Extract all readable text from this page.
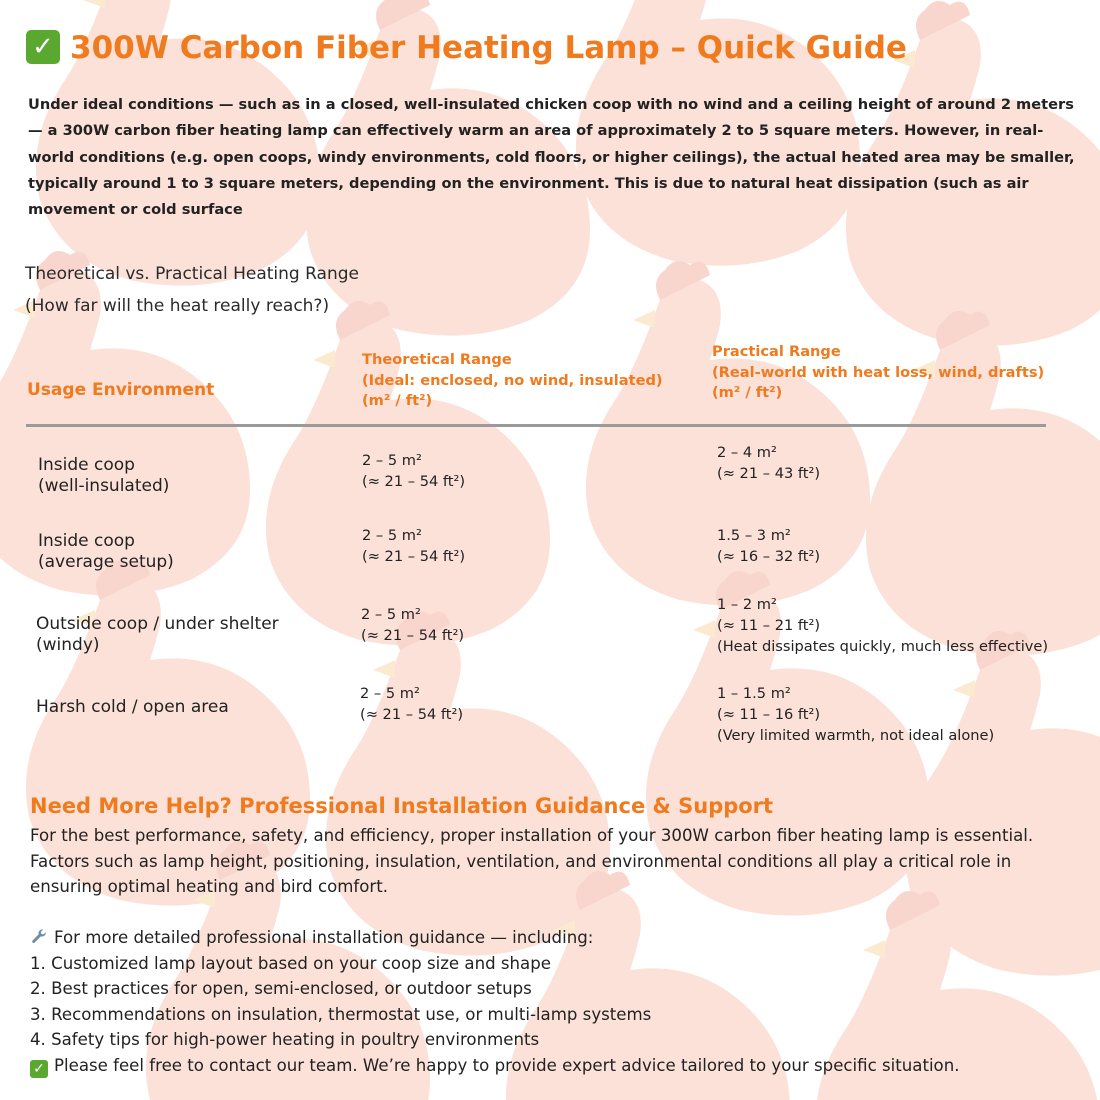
✓ 300W Carbon Fiber Heating Lamp – Quick Guide
Under ideal conditions — such as in a closed, well-insulated chicken coop with no wind and a ceiling height of around 2 meters — a 300W carbon fiber heating lamp can effectively warm an area of approximately 2 to 5 square meters. However, in real-world conditions (e.g. open coops, windy environments, cold floors, or higher ceilings), the actual heated area may be smaller, typically around 1 to 3 square meters, depending on the environment. This is due to natural heat dissipation (such as air movement or cold surface
Theoretical vs. Practical Heating Range
(How far will the heat really reach?)
Usage Environment
Theoretical Range
(Ideal: enclosed, no wind, insulated)
(m² / ft²)
Practical Range
(Real-world with heat loss, wind, drafts)
(m² / ft²)
Inside coop
(well-insulated)
2 – 5 m²
(≈ 21 – 54 ft²)
2 – 4 m²
(≈ 21 – 43 ft²)
Inside coop
(average setup)
2 – 5 m²
(≈ 21 – 54 ft²)
1.5 – 3 m²
(≈ 16 – 32 ft²)
Outside coop / under shelter
(windy)
2 – 5 m²
(≈ 21 – 54 ft²)
1 – 2 m²
(≈ 11 – 21 ft²)
(Heat dissipates quickly, much less effective)
Harsh cold / open area
2 – 5 m²
(≈ 21 – 54 ft²)
1 – 1.5 m²
(≈ 11 – 16 ft²)
(Very limited warmth, not ideal alone)
Need More Help? Professional Installation Guidance & Support
For the best performance, safety, and efficiency, proper installation of your 300W carbon fiber heating lamp is essential. Factors such as lamp height, positioning, insulation, ventilation, and environmental conditions all play a critical role in ensuring optimal heating and bird comfort.
For more detailed professional installation guidance — including:
1. Customized lamp layout based on your coop size and shape
2. Best practices for open, semi-enclosed, or outdoor setups
3. Recommendations on insulation, thermostat use, or multi-lamp systems
4. Safety tips for high-power heating in poultry environments
✓ Please feel free to contact our team. We’re happy to provide expert advice tailored to your specific situation.
